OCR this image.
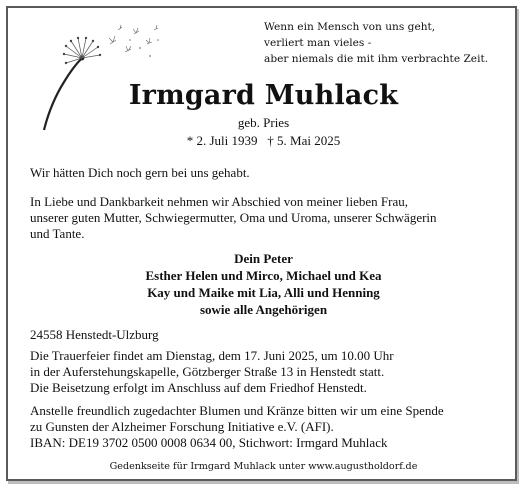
Wenn ein Mensch von uns geht,
verliert man vieles -
aber niemals die mit ihm verbrachte Zeit.
Irmgard Muhlack
geb. Pries
* 2. Juli 1939   † 5. Mai 2025
Wir hätten Dich noch gern bei uns gehabt.
In Liebe und Dankbarkeit nehmen wir Abschied von meiner lieben Frau,
unserer guten Mutter, Schwiegermutter, Oma und Uroma, unserer Schwägerin
und Tante.
Dein Peter
Esther Helen und Mirco, Michael und Kea
Kay und Maike mit Lia, Alli und Henning
sowie alle Angehörigen
24558 Henstedt-Ulzburg
Die Trauerfeier findet am Dienstag, dem 17. Juni 2025, um 10.00 Uhr
in der Auferstehungskapelle, Götzberger Straße 13 in Henstedt statt.
Die Beisetzung erfolgt im Anschluss auf dem Friedhof Henstedt.
Anstelle freundlich zugedachter Blumen und Kränze bitten wir um eine Spende
zu Gunsten der Alzheimer Forschung Initiative e.V. (AFI).
IBAN: DE19 3702 0500 0008 0634 00, Stichwort: Irmgard Muhlack
Gedenkseite für Irmgard Muhlack unter www.augustholdorf.de
